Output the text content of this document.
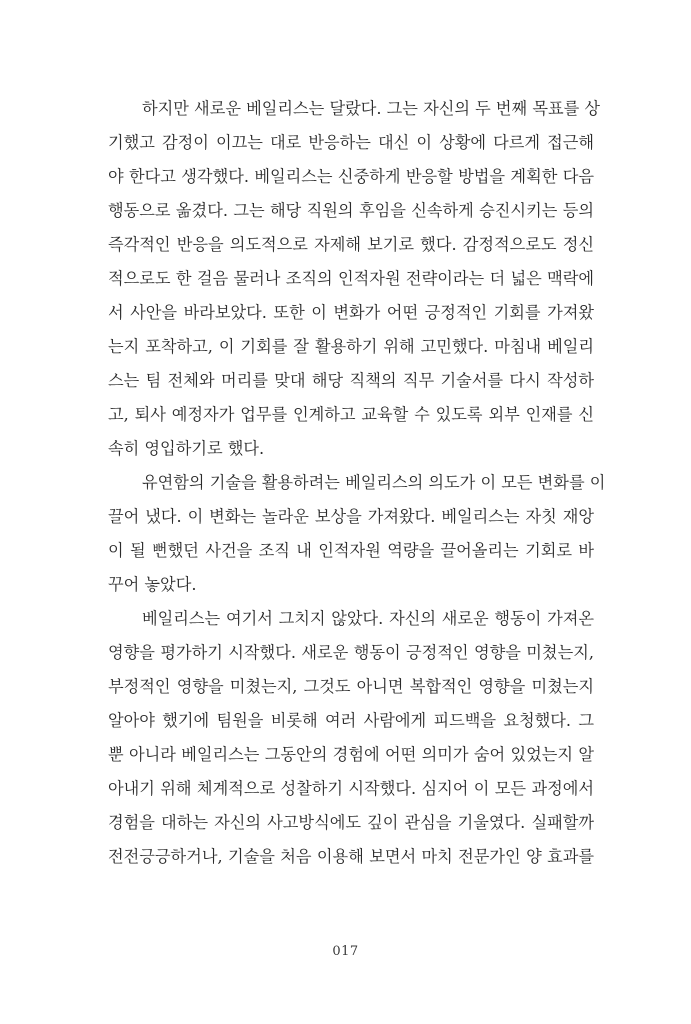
하지만 새로운 베일리스는 달랐다. 그는 자신의 두 번째 목표를 상
기했고 감정이 이끄는 대로 반응하는 대신 이 상황에 다르게 접근해
야 한다고 생각했다. 베일리스는 신중하게 반응할 방법을 계획한 다음
행동으로 옮겼다. 그는 해당 직원의 후임을 신속하게 승진시키는 등의
즉각적인 반응을 의도적으로 자제해 보기로 했다. 감정적으로도 정신
적으로도 한 걸음 물러나 조직의 인적자원 전략이라는 더 넓은 맥락에
서 사안을 바라보았다. 또한 이 변화가 어떤 긍정적인 기회를 가져왔
는지 포착하고, 이 기회를 잘 활용하기 위해 고민했다. 마침내 베일리
스는 팀 전체와 머리를 맞대 해당 직책의 직무 기술서를 다시 작성하
고, 퇴사 예정자가 업무를 인계하고 교육할 수 있도록 외부 인재를 신
속히 영입하기로 했다.
유연함의 기술을 활용하려는 베일리스의 의도가 이 모든 변화를 이
끌어 냈다. 이 변화는 놀라운 보상을 가져왔다. 베일리스는 자칫 재앙
이 될 뻔했던 사건을 조직 내 인적자원 역량을 끌어올리는 기회로 바
꾸어 놓았다.
베일리스는 여기서 그치지 않았다. 자신의 새로운 행동이 가져온
영향을 평가하기 시작했다. 새로운 행동이 긍정적인 영향을 미쳤는지,
부정적인 영향을 미쳤는지, 그것도 아니면 복합적인 영향을 미쳤는지
알아야 했기에 팀원을 비롯해 여러 사람에게 피드백을 요청했다. 그
뿐 아니라 베일리스는 그동안의 경험에 어떤 의미가 숨어 있었는지 알
아내기 위해 체계적으로 성찰하기 시작했다. 심지어 이 모든 과정에서
경험을 대하는 자신의 사고방식에도 깊이 관심을 기울였다. 실패할까
전전긍긍하거나, 기술을 처음 이용해 보면서 마치 전문가인 양 효과를
017
